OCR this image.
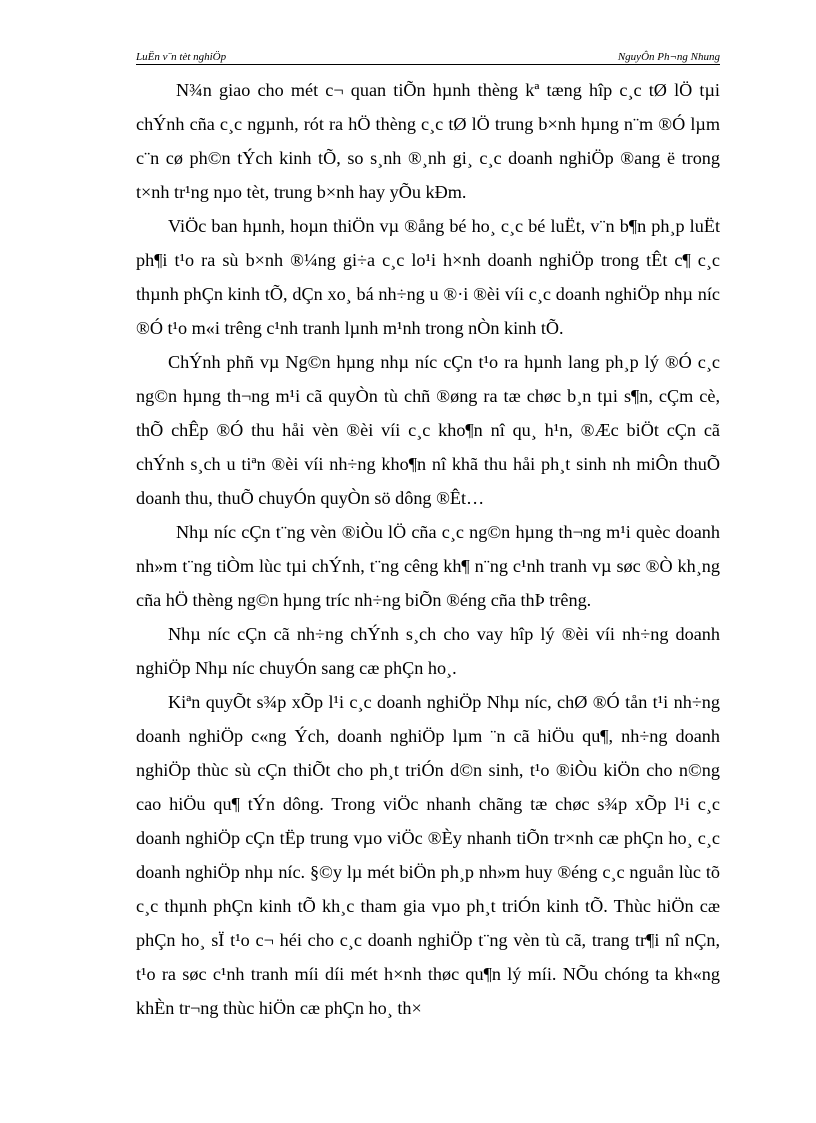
LuËn v¨n tèt nghiÖp	NguyÔn Ph¬ng Nhung

N¾n giao cho mét c¬ quan tiÕn hµnh thèng kª tæng hîp c¸c tØ lÖ tµi chÝnh cña c¸c ngµnh, rót ra hÖ thèng c¸c tØ lÖ trung b×nh hµng n¨m ®Ó lµm c¨n cø ph©n tÝch kinh tÕ, so s¸nh ®¸nh gi¸ c¸c doanh nghiÖp ®ang ë trong t×nh tr¹ng nµo tèt, trung b×nh hay yÕu kÐm.

ViÖc ban hµnh, hoµn thiÖn vµ ®ång bé ho¸ c¸c bé luËt, v¨n b¶n ph¸p luËt ph¶i t¹o ra sù b×nh ®¼ng gi÷a c¸c lo¹i h×nh doanh nghiÖp trong tÊt c¶ c¸c thµnh phÇn kinh tÕ, dÇn xo¸ bá nh÷ng u ®·i ®èi víi c¸c doanh nghiÖp nhµ níc ®Ó t¹o m«i trêng c¹nh tranh lµnh m¹nh trong nÒn kinh tÕ.

ChÝnh phñ vµ Ng©n hµng nhµ níc cÇn t¹o ra hµnh lang ph¸p lý ®Ó c¸c ng©n hµng th¬ng m¹i cã quyÒn tù chñ ®øng ra tæ chøc b¸n tµi s¶n, cÇm cè, thÕ chÊp ®Ó thu håi vèn ®èi víi c¸c kho¶n nî qu¸ h¹n, ®Æc biÖt cÇn cã chÝnh s¸ch u tiªn ®èi víi nh÷ng kho¶n nî khã thu håi ph¸t sinh nh miÔn thuÕ doanh thu, thuÕ chuyÓn quyÒn sö dông ®Êt…

Nhµ níc cÇn t¨ng vèn ®iÒu lÖ cña c¸c ng©n hµng th¬ng m¹i quèc doanh nh»m t¨ng tiÒm lùc tµi chÝnh, t¨ng cêng kh¶ n¨ng c¹nh tranh vµ søc ®Ò kh¸ng cña hÖ thèng ng©n hµng tríc nh÷ng biÕn ®éng cña thÞ trêng.

Nhµ níc cÇn cã nh÷ng chÝnh s¸ch cho vay hîp lý ®èi víi nh÷ng doanh nghiÖp Nhµ níc chuyÓn sang cæ phÇn ho¸.

Kiªn quyÕt s¾p xÕp l¹i c¸c doanh nghiÖp Nhµ níc, chØ ®Ó tån t¹i nh÷ng doanh nghiÖp c«ng Ých, doanh nghiÖp lµm ¨n cã hiÖu qu¶, nh÷ng doanh nghiÖp thùc sù cÇn thiÕt cho ph¸t triÓn d©n sinh, t¹o ®iÒu kiÖn cho n©ng cao hiÖu qu¶ tÝn dông. Trong viÖc nhanh chãng tæ chøc s¾p xÕp l¹i c¸c doanh nghiÖp cÇn tËp trung vµo viÖc ®Èy nhanh tiÕn tr×nh cæ phÇn ho¸ c¸c doanh nghiÖp nhµ níc. §©y lµ mét biÖn ph¸p nh»m huy ®éng c¸c nguån lùc tõ c¸c thµnh phÇn kinh tÕ kh¸c tham gia vµo ph¸t triÓn kinh tÕ. Thùc hiÖn cæ phÇn ho¸ sÏ t¹o c¬ héi cho c¸c doanh nghiÖp t¨ng vèn tù cã, trang tr¶i nî nÇn, t¹o ra søc c¹nh tranh míi díi mét h×nh thøc qu¶n lý míi. NÕu chóng ta kh«ng khÈn tr¬ng thùc hiÖn cæ phÇn ho¸ th×
